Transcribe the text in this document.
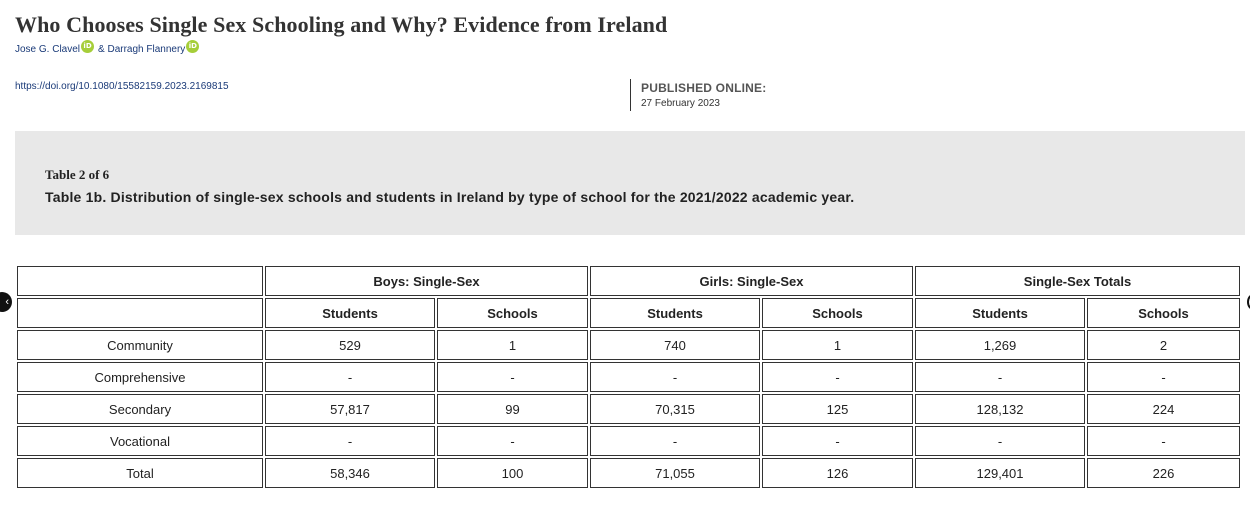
Who Chooses Single Sex Schooling and Why? Evidence from Ireland
Jose G. Clavel iD &
Darragh Flannery iD
https://doi.org/10.1080/15582159.2023.2169815	PUBLISHED ONLINE:
27 February 2023
Table 2 of 6
Table 1b. Distribution of single-sex schools and students in Ireland by type of school for the 2021/2022 academic year.
‹
	Boys: Single-Sex		Girls: Single-Sex		Single-Sex Totals	
	Students	Schools	Students	Schools	Students	Schools
Community	529	1	740	1	1,269	2
Comprehensive	-	-	-	-	-	-
Secondary	57,817	99	70,315	125	128,132	224
Vocational	-	-	-	-	-	-
Total	58,346	100	71,055	126	129,401	226
